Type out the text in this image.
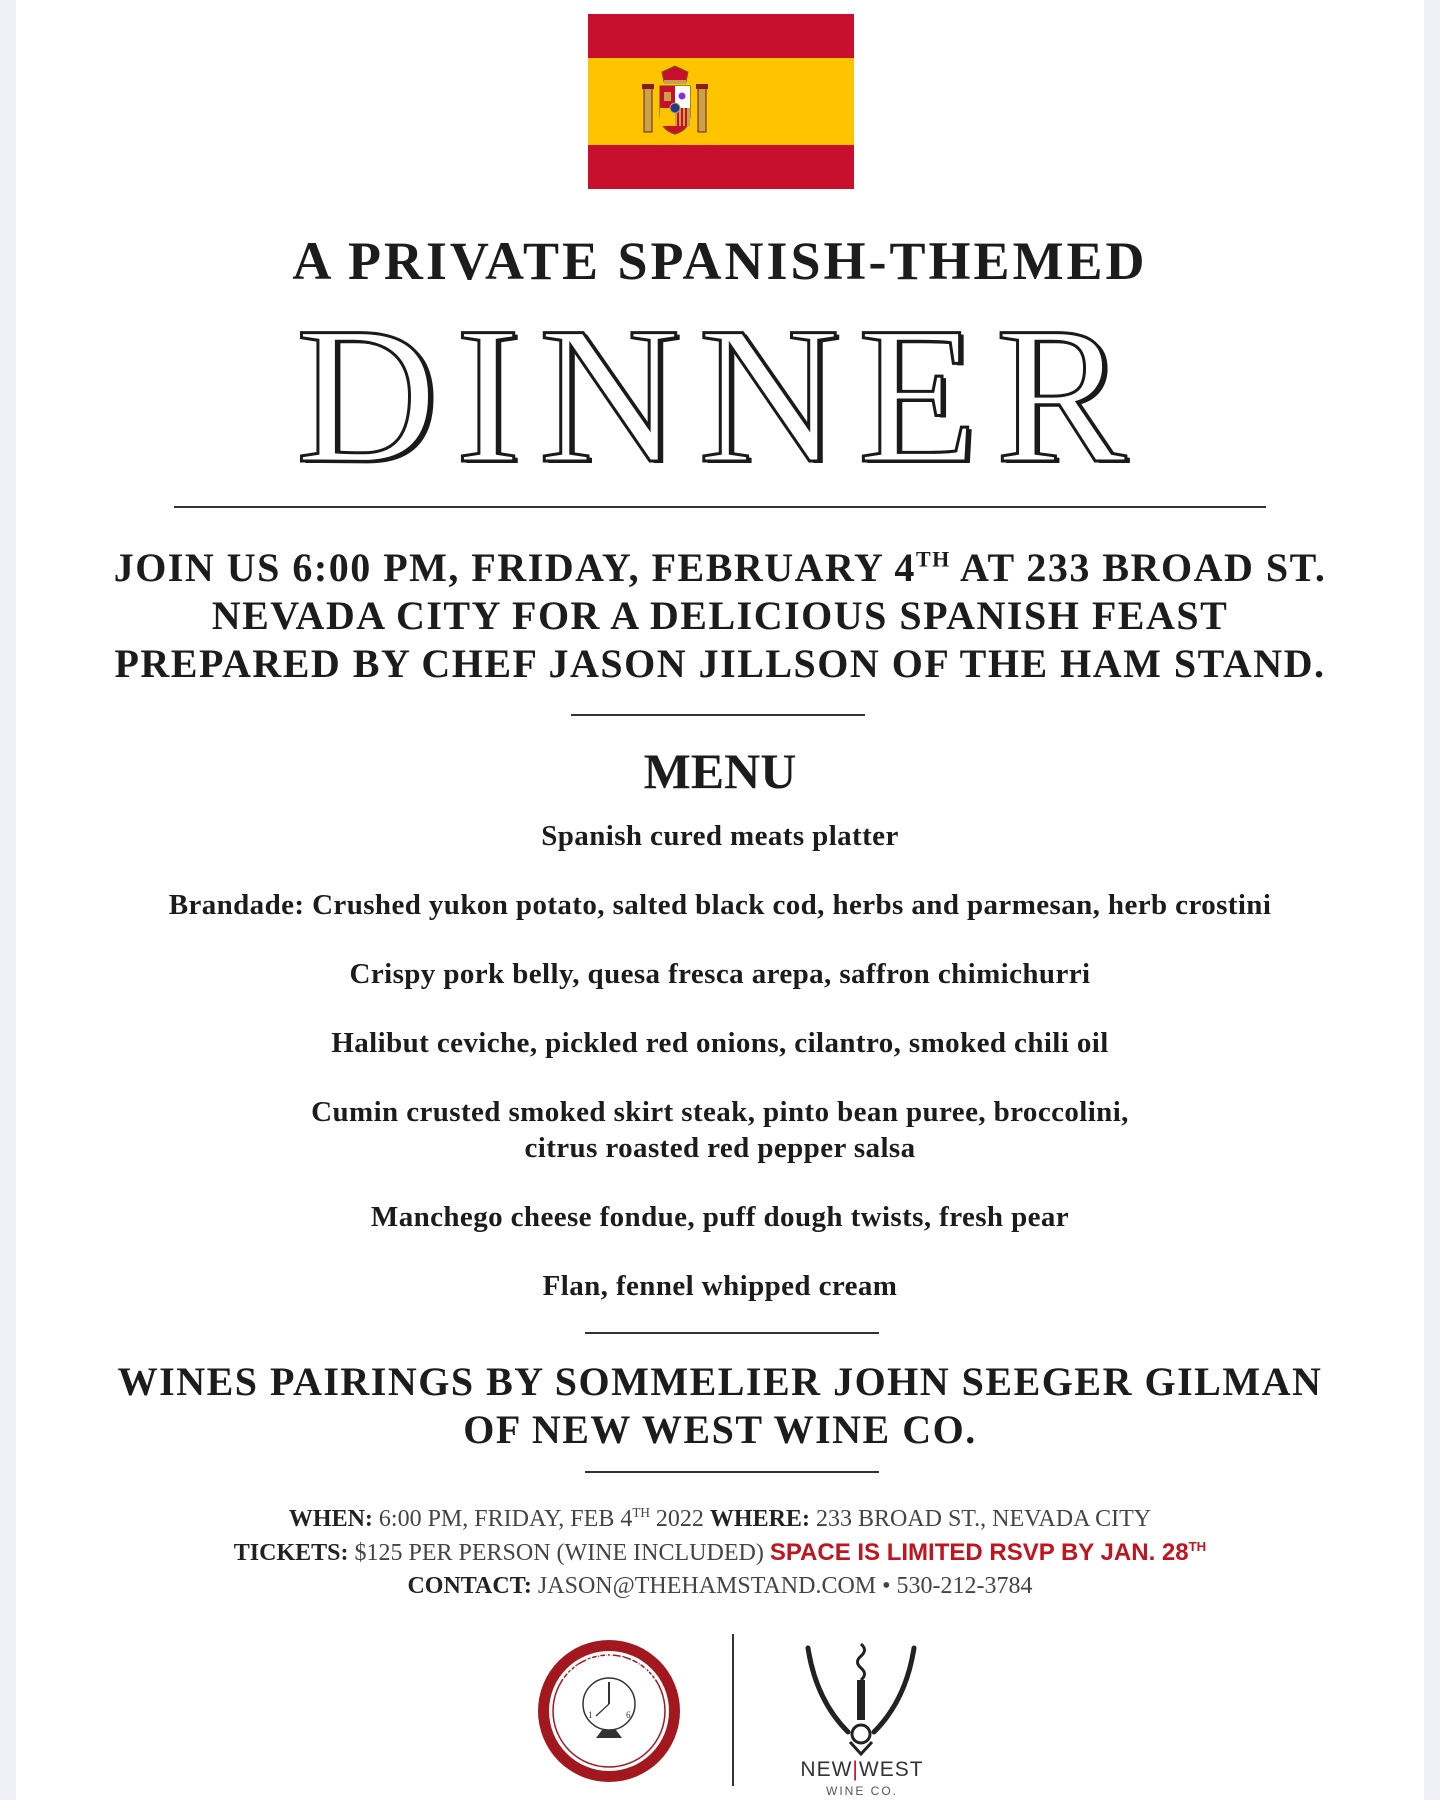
A PRIVATE SPANISH-THEMED
DINNER
JOIN US 6:00 PM, FRIDAY, FEBRUARY 4TH AT 233 BROAD ST.
NEVADA CITY FOR A DELICIOUS SPANISH FEAST
PREPARED BY CHEF JASON JILLSON OF THE HAM STAND.
MENU
Spanish cured meats platter
Brandade: Crushed yukon potato, salted black cod, herbs and parmesan, herb crostini
Crispy pork belly, quesa fresca arepa, saffron chimichurri
Halibut ceviche, pickled red onions, cilantro, smoked chili oil
Cumin crusted smoked skirt steak, pinto bean puree, broccolini,
citrus roasted red pepper salsa
Manchego cheese fondue, puff dough twists, fresh pear
Flan, fennel whipped cream
WINES PAIRINGS BY SOMMELIER JOHN SEEGER GILMAN
OF NEW WEST WINE CO.
WHEN: 6:00 PM, FRIDAY, FEB 4TH 2022 WHERE: 233 BROAD ST., NEVADA CITY
TICKETS: $125 PER PERSON (WINE INCLUDED) SPACE IS LIMITED RSVP BY JAN. 28TH
CONTACT: JASON@THEHAMSTAND.COM • 530-212-3784
THE HAM STAND
SALUMERIA
1	6
NEW|WEST
WINE CO.
